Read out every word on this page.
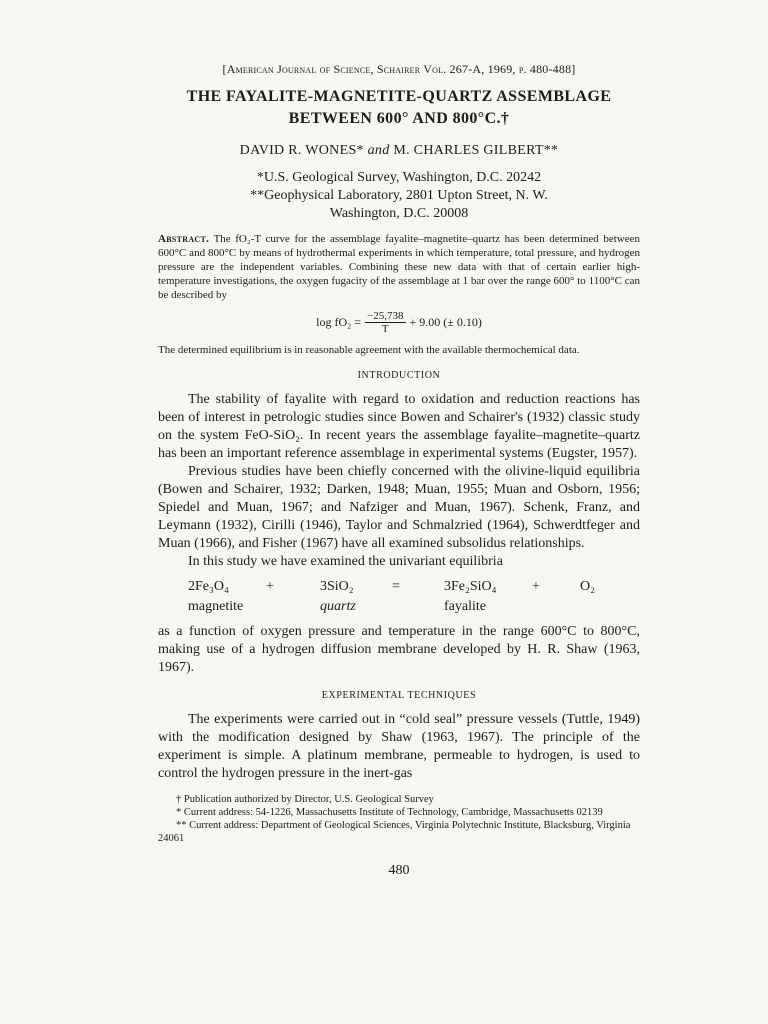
[American Journal of Science, Schairer Vol. 267-A, 1969, p. 480-488]

THE FAYALITE-MAGNETITE-QUARTZ ASSEMBLAGE
BETWEEN 600° AND 800°C.†

DAVID R. WONES* and M. CHARLES GILBERT**

*U.S. Geological Survey, Washington, D.C. 20242

**Geophysical Laboratory, 2801 Upton Street, N. W.

Washington, D.C. 20008

Abstract. The fO₂-T curve for the assemblage fayalite–magnetite–quartz has been determined between 600°C and 800°C by means of hydrothermal experiments in which temperature, total pressure, and hydrogen pressure are the independent variables. Combining these new data with that of certain earlier high-temperature investigations, the oxygen fugacity of the assemblage at 1 bar over the range 600° to 1100°C can be described by

$\log fO_2 = \frac{-25,738}{T} + 9.00$ (± 0.10)

The determined equilibrium is in reasonable agreement with the available thermochemical data.

INTRODUCTION

The stability of fayalite with regard to oxidation and reduction reactions has been of interest in petrologic studies since Bowen and Schairer's (1932) classic study on the system FeO-SiO₂. In recent years the assemblage fayalite–magnetite–quartz has been an important reference assemblage in experimental systems (Eugster, 1957).

Previous studies have been chiefly concerned with the olivine-liquid equilibria (Bowen and Schairer, 1932; Darken, 1948; Muan, 1955; Muan and Osborn, 1956; Spiedel and Muan, 1967; and Nafziger and Muan, 1967). Schenk, Franz, and Leymann (1932), Cirilli (1946), Taylor and Schmalzried (1964), Schwerdtfeger and Muan (1966), and Fisher (1967) have all examined subsolidus relationships.

In this study we have examined the univariant equilibria

2Fe₃O₄	+	3SiO₂	=	3Fe₂SiO₄	+	O₂
magnetite	quartz	fayalite

as a function of oxygen pressure and temperature in the range 600°C to 800°C, making use of a hydrogen diffusion membrane developed by H. R. Shaw (1963, 1967).

EXPERIMENTAL TECHNIQUES

The experiments were carried out in “cold seal” pressure vessels (Tuttle, 1949) with the modification designed by Shaw (1963, 1967). The principle of the experiment is simple. A platinum membrane, permeable to hydrogen, is used to control the hydrogen pressure in the inert-gas

† Publication authorized by Director, U.S. Geological Survey

* Current address: 54-1226, Massachusetts Institute of Technology, Cambridge, Massachusetts 02139

** Current address: Department of Geological Sciences, Virginia Polytechnic Institute, Blacksburg, Virginia 24061

480
